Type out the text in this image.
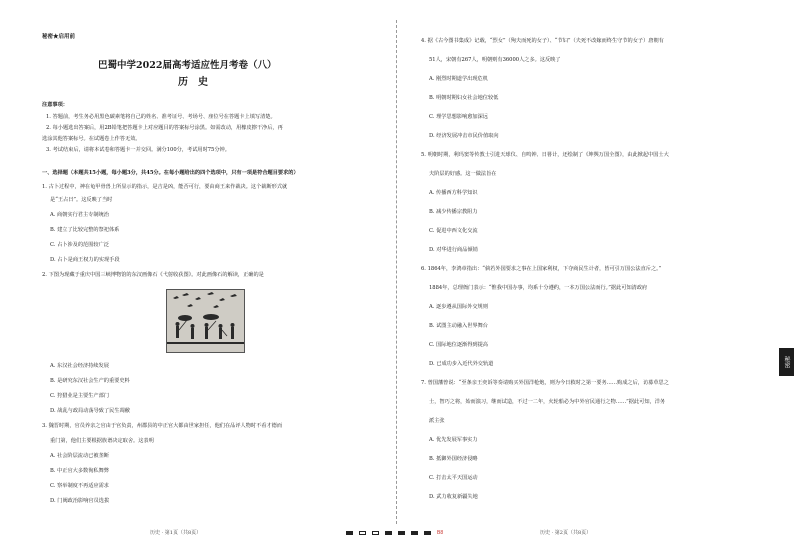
秘密★启用前
巴蜀中学2022届高考适应性月考卷（八）
历　史
注意事项：
1. 答题前，考生务必用黑色碳素笔将自己的姓名、准考证号、考场号、座位号在答题卡上填写清楚。
2. 每小题选出答案后，用2B铅笔把答题卡上对应题目的答案标号涂黑。如需改动，用橡皮擦干净后，再
选涂其他答案标号。在试题卷上作答无效。
3. 考试结束后，请将本试卷和答题卡一并交回。满分100分，考试用时75分钟。
一、选择题（本题共15小题，每小题3分，共45分。在每小题给出的四个选项中，只有一项是符合题目要求的）
1. 古卜过程中，神在龟甲骨兽上所显示的指示，是吉是凶，能否可行，要由商王来作裁决。这个裁断形式就
是“王占曰”。这反映了当时
A. 商朝实行君主专制统治
B. 建立了比较完整的祭祀体系
C. 占卜涉及的范围较广泛
D. 占卜是商王权力的实现手段
2. 下图为现藏于重庆中国三峡博物馆的东汉画像石《弋射收获图》。对此画像石的解读，正确的是
A. 东汉社会经济持续发展
B. 是研究东汉社会生产的重要史料
C. 狩猎业是主要生产部门
D. 战乱与政局动荡导致了民生凋敝
3. 魏晋时期，官员养亲之官由于官负责，州郡县的中正官大都由世家担任，他们在品评人物时不看才德而
重门第，他们主要根据族谱决定取舍。这表明
A. 社会阶层流动已被垄断
B. 中正官大多数徇私舞弊
C. 察举制度不再适应需求
D. 门阀政治影响官员选拔
历史 · 第1页（共8页）
4. 据《古今图书集成》记载，“烈女”（殉夫而死的女子）、“节妇”（夫死不改嫁而终生守节的女子）唐朝有
51人，宋朝有267人，明朝则有36000人之多。这反映了
A. 刚烈时期道学出现危机
B. 明朝时期妇女社会地位较低
C. 理学思想影响愈加深远
D. 经济发展冲击市民价值取向
5. 明朝时期，利玛窦等传教士引进天球仪、自鸣钟、日晷计，还绘制了《坤舆万国全图》，由此掀起中国士大
夫阶层的好感。这一做法旨在
A. 传播西方科学知识
B. 减少传播宗教阻力
C. 促进中西文化交流
D. 对华进行商品倾销
6. 1864年，李鸿章指出：“倘若外国要求之事在上国家利权，下夺商民生计者，皆可引万国公法直斥之。”
1884年，总理衙门表示：“惟我中国办事，均系十分遵约，一本万国公法而行。”据此可知清政府
A. 逐步遵从国际外交规则
B. 试图主动融入世界舞台
C. 国际地位逐渐得到提高
D. 已成功步入近代外交轨道
7. 曾国藩曾说：“至条亲王奕诉等奏请购买外国洋枪炮，则为今日救时之第一要务……购成之后，访募草思之
士，智巧之将，始而演习，继而试造，不过一二年，火轮船必为中外官民通行之物……”据此可知，洋务
派主张
A. 优先发展军事实力
B. 抵御外国经济侵略
C. 打击太平天国运动
D. 武力收复新疆失地
历史 · 第2页（共8页）
B8
秘密
